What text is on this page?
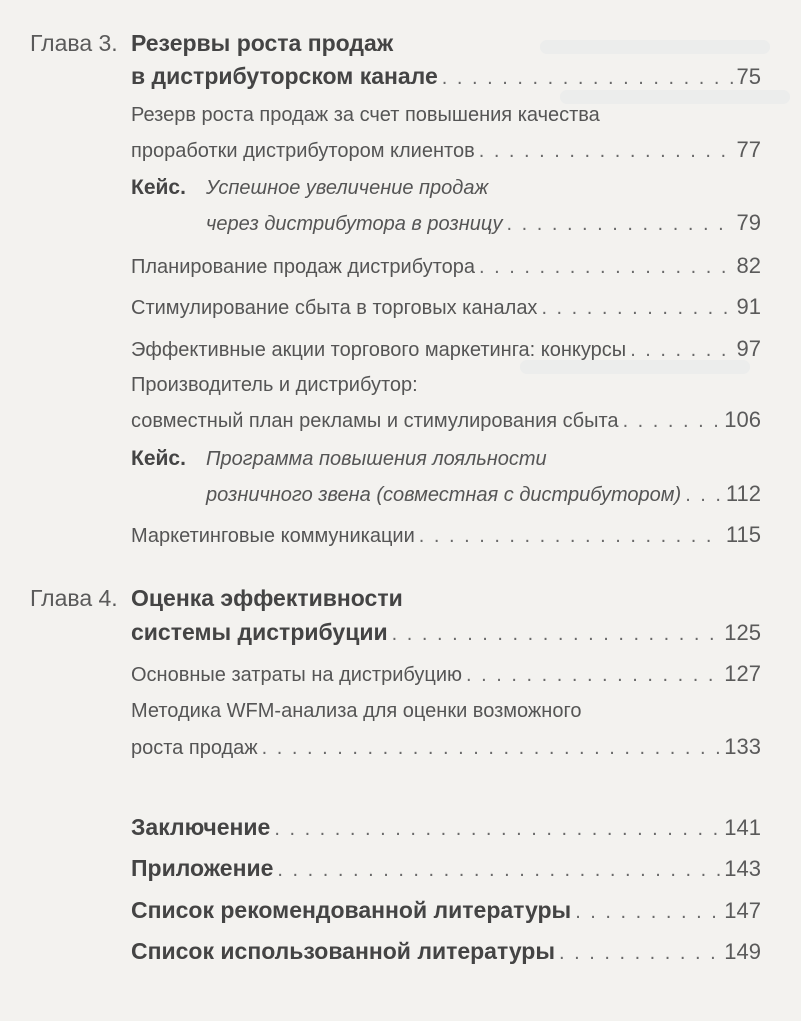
Глава 3. Резервы роста продаж
в дистрибуторском канале . . .	75
Резерв роста продаж за счет повышения качества
проработки дистрибутором клиентов . . .	77
Кейс. Успешное увеличение продаж
через дистрибутора в розницу . . .	79
Планирование продаж дистрибутора . . .	82
Стимулирование сбыта в торговых каналах . . .	91
Эффективные акции торгового маркетинга: конкурсы . . .	97
Производитель и дистрибутор:
совместный план рекламы и стимулирования сбыта . . .	106
Кейс. Программа повышения лояльности
розничного звена (совместная с дистрибутором) . . . 112
Маркетинговые коммуникации . . .	115
Глава 4. Оценка эффективности
системы дистрибуции . . .	125
Основные затраты на дистрибуцию . . .	127
Методика WFM-анализа для оценки возможного
роста продаж . . .	133
Заключение . . .	141
Приложение . . .	143
Список рекомендованной литературы . . .	147
Список использованной литературы . . .	149
